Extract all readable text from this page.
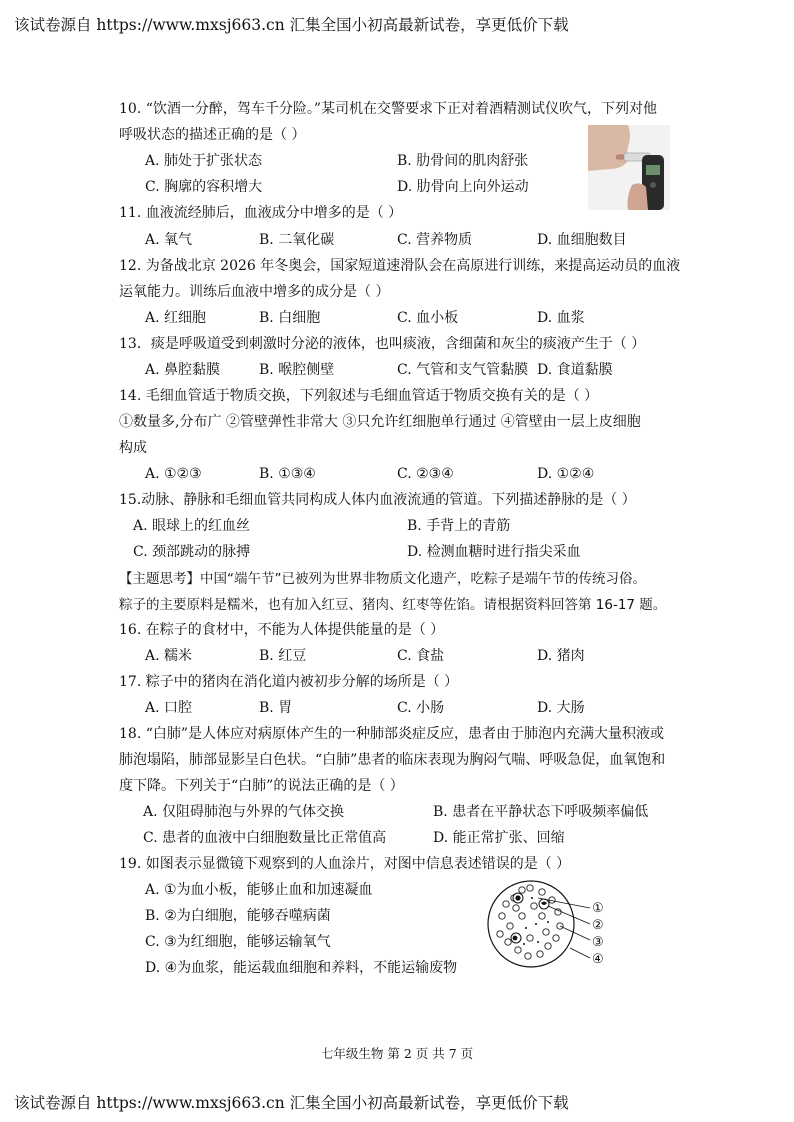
该试卷源自 https://www.mxsj663.cn 汇集全国小初高最新试卷，享更低价下载
10. “饮酒一分醉，驾车千分险。”某司机在交警要求下正对着酒精测试仪吹气，下列对他
呼吸状态的描述正确的是（ ）
A. 肺处于扩张状态	B. 肋骨间的肌肉舒张
C. 胸廓的容积增大	D. 肋骨向上向外运动
11. 血液流经肺后，血液成分中增多的是（ ）
A. 氧气	B. 二氧化碳	C. 营养物质	D. 血细胞数目
12. 为备战北京 2026 年冬奥会，国家短道速滑队会在高原进行训练，来提高运动员的血液
运氧能力。训练后血液中增多的成分是（ ）
A. 红细胞	B. 白细胞	C. 血小板	D. 血浆
13．痰是呼吸道受到刺激时分泌的液体，也叫痰液，含细菌和灰尘的痰液产生于（ ）
A. 鼻腔黏膜	B. 喉腔侧壁	C. 气管和支气管黏膜 D. 食道黏膜
14. 毛细血管适于物质交换，下列叙述与毛细血管适于物质交换有关的是（ ）
①数量多,分布广 ②管壁弹性非常大 ③只允许红细胞单行通过 ④管壁由一层上皮细胞
构成
A. ①②③	B. ①③④	C. ②③④	D. ①②④
15.动脉、静脉和毛细血管共同构成人体内血液流通的管道。下列描述静脉的是（ ）
A. 眼球上的红血丝	B. 手背上的青筋
C. 颈部跳动的脉搏	D. 检测血糖时进行指尖采血
【主题思考】中国“端午节”已被列为世界非物质文化遗产，吃粽子是端午节的传统习俗。
粽子的主要原料是糯米，也有加入红豆、猪肉、红枣等佐馅。请根据资料回答第 16-17 题。
16. 在粽子的食材中，不能为人体提供能量的是（ ）
A. 糯米	B. 红豆	C. 食盐	D. 猪肉
17. 粽子中的猪肉在消化道内被初步分解的场所是（ ）
A. 口腔	B. 胃	C. 小肠	D. 大肠
18. “白肺”是人体应对病原体产生的一种肺部炎症反应，患者由于肺泡内充满大量积液或
肺泡塌陷，肺部显影呈白色状。“白肺”患者的临床表现为胸闷气喘、呼吸急促，血氧饱和
度下降。下列关于“白肺”的说法正确的是（ ）
A. 仅阻碍肺泡与外界的气体交换	B. 患者在平静状态下呼吸频率偏低
C. 患者的血液中白细胞数量比正常值高	D. 能正常扩张、回缩
19. 如图表示显微镜下观察到的人血涂片，对图中信息表述错误的是（ ）
A. ①为血小板，能够止血和加速凝血
B. ②为白细胞，能够吞噬病菌
C. ③为红细胞，能够运输氧气
D. ④为血浆，能运载血细胞和养料，不能运输废物
①
②
③
④
七年级生物 第 2 页 共 7 页
该试卷源自 https://www.mxsj663.cn 汇集全国小初高最新试卷，享更低价下载
